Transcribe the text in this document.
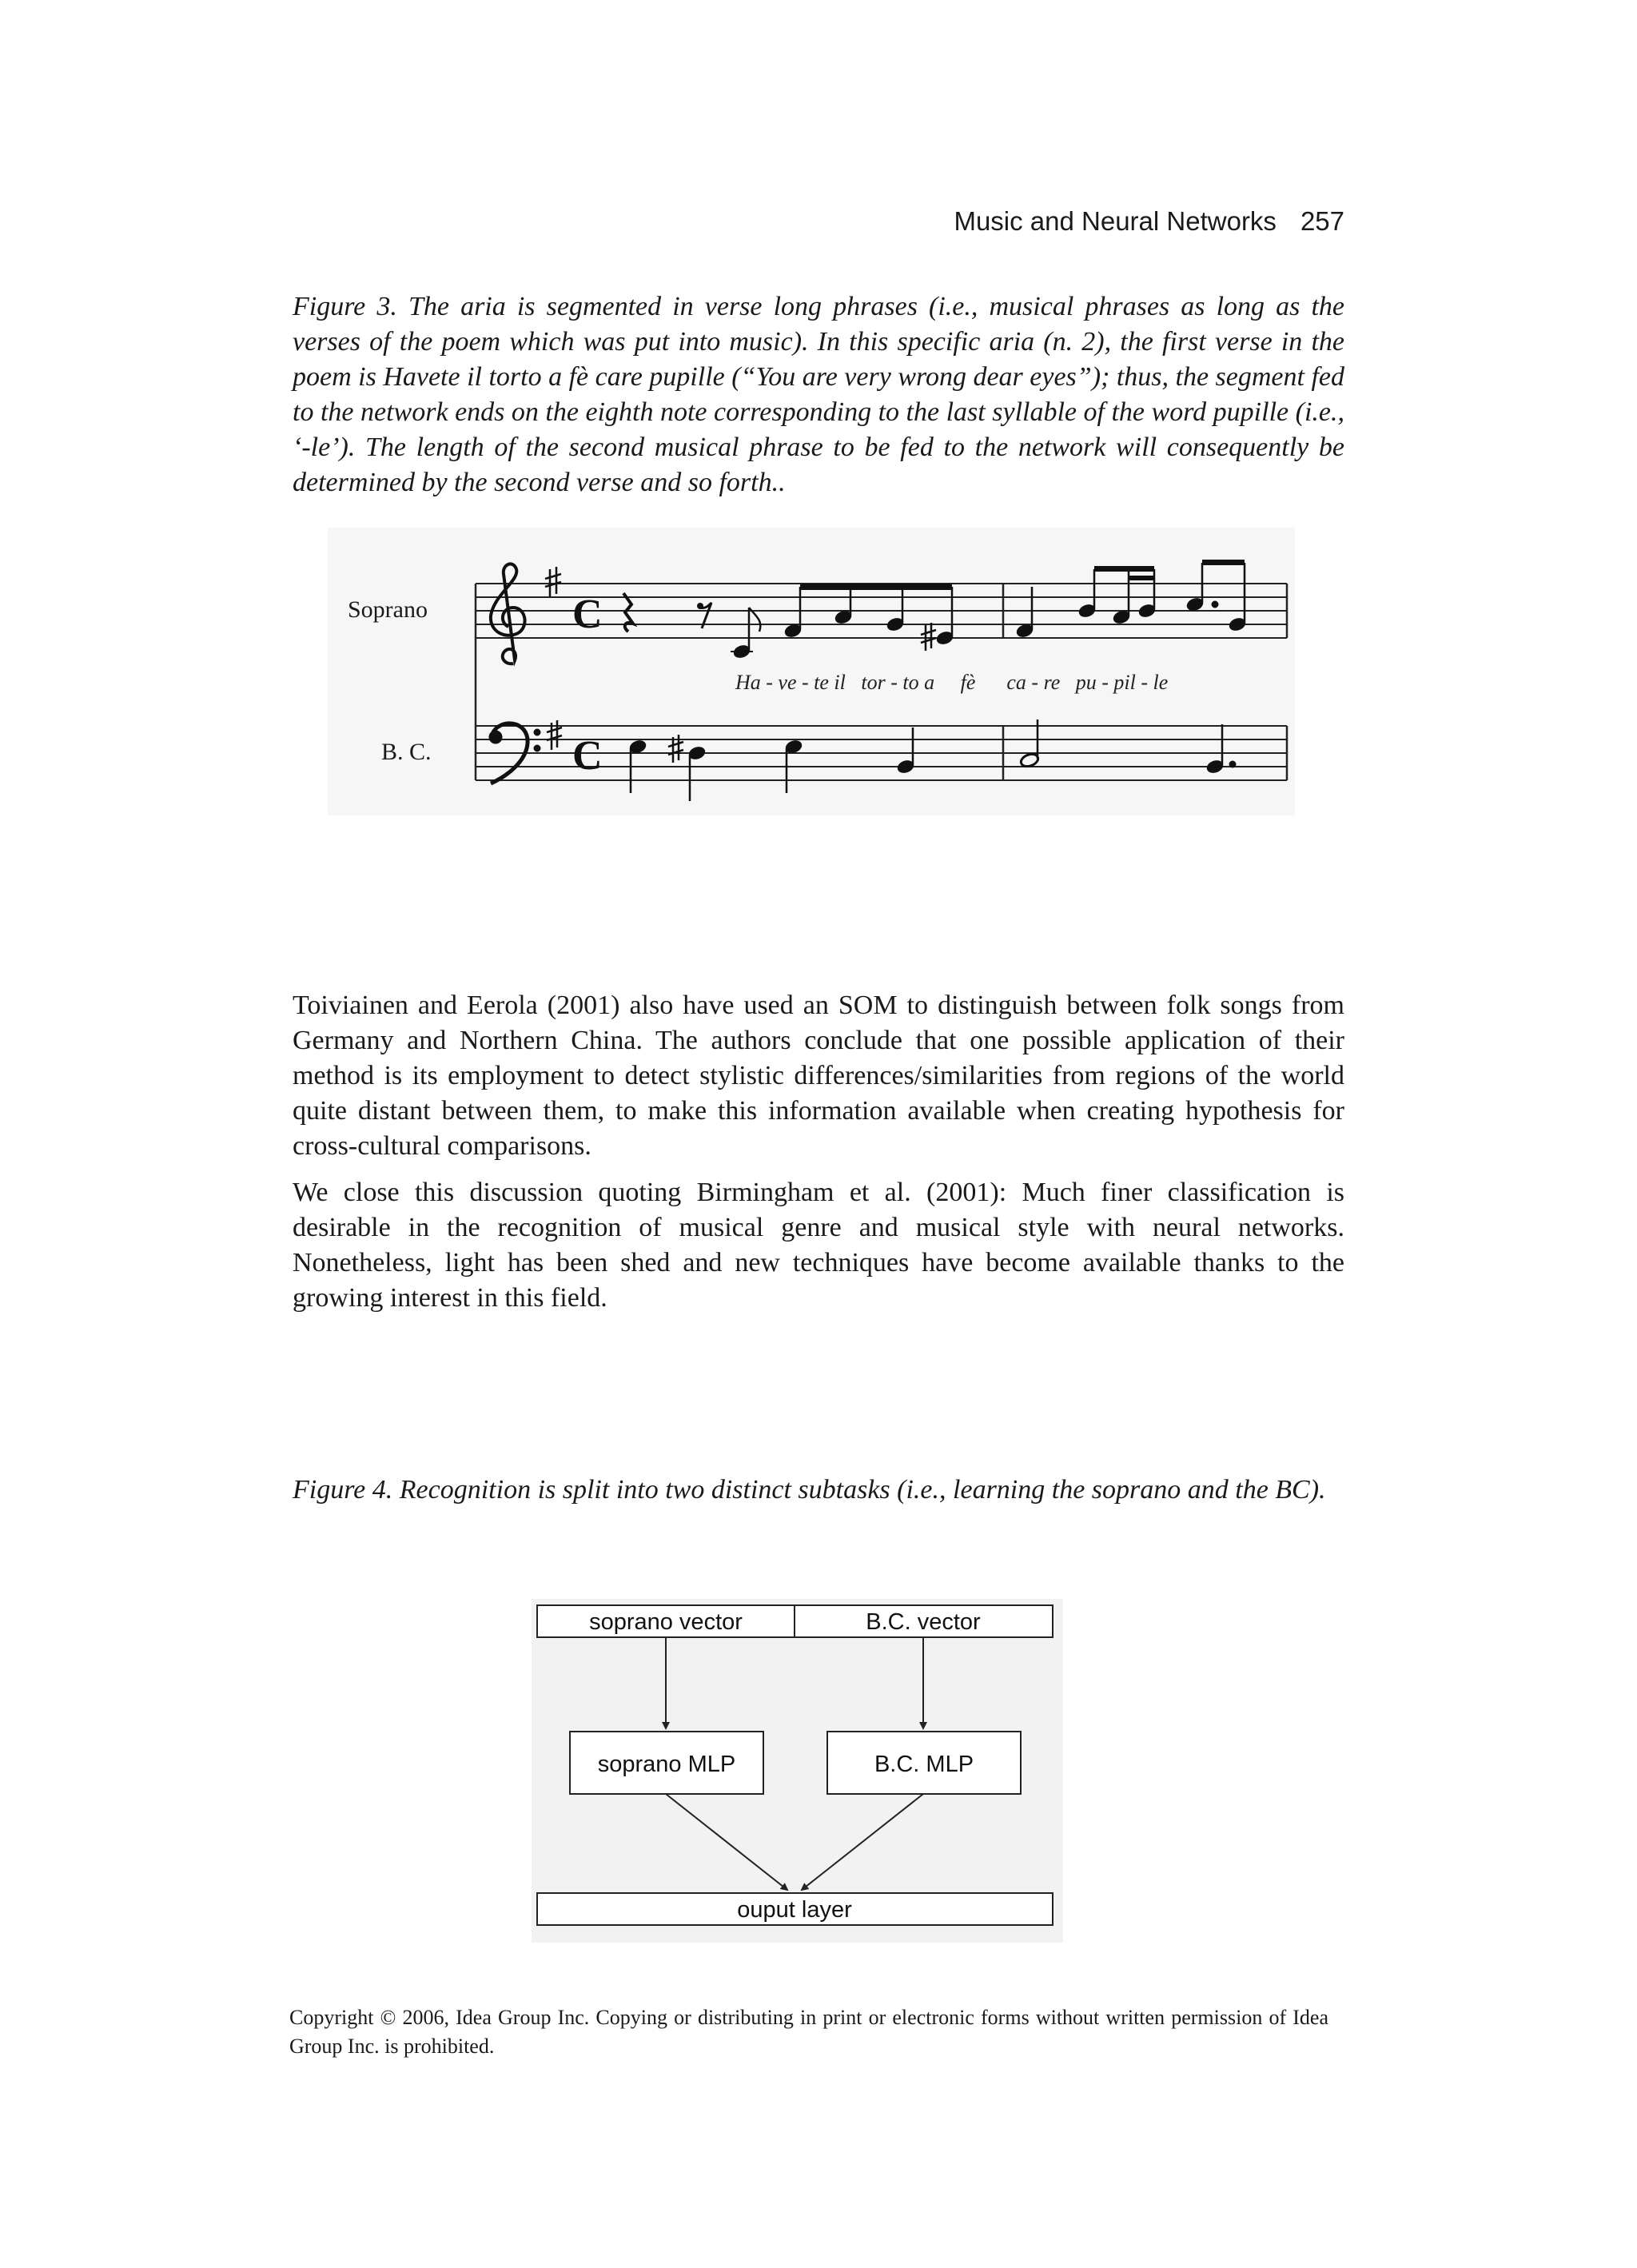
Music and Neural Networks 257

Figure 3. The aria is segmented in verse long phrases (i.e., musical phrases as long as the verses of the poem which was put into music). In this specific aria (n. 2), the first verse in the poem is Havete il torto a fè care pupille (“You are very wrong dear eyes”); thus, the segment fed to the network ends on the eighth note corresponding to the last syllable of the word pupille (i.e., ‘-le’). The length of the second musical phrase to be fed to the network will consequently be determined by the second verse and so forth..

Soprano
B. C.
C
Ha - ve - te il   tor - to a     fè      ca - re   pu - pil - le
C

Toiviainen and Eerola (2001) also have used an SOM to distinguish between folk songs from Germany and Northern China. The authors conclude that one possible application of their method is its employment to detect stylistic differences/similarities from regions of the world quite distant between them, to make this information available when creating hypothesis for cross-cultural comparisons.

We close this discussion quoting Birmingham et al. (2001): Much finer classification is desirable in the recognition of musical genre and musical style with neural networks. Nonetheless, light has been shed and new techniques have become available thanks to the growing interest in this field.

Figure 4. Recognition is split into two distinct subtasks (i.e., learning the soprano and the BC).

soprano vector	B.C. vector
soprano MLP	B.C. MLP
ouput layer

Copyright © 2006, Idea Group Inc. Copying or distributing in print or electronic forms without written permission of Idea Group Inc. is prohibited.
